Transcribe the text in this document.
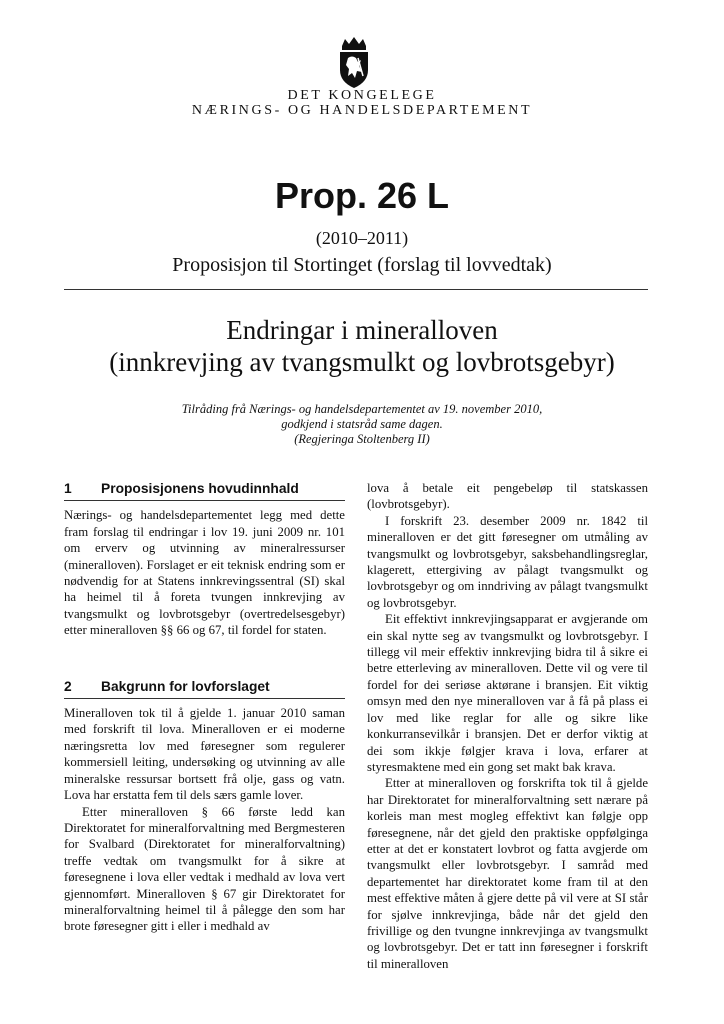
DET KONGELEGE
NÆRINGS- OG HANDELSDEPARTEMENT
Prop. 26 L
(2010–2011)
Proposisjon til Stortinget (forslag til lovvedtak)
Endringar i mineralloven
(innkrevjing av tvangsmulkt og lovbrotsgebyr)
Tilråding frå Nærings- og handelsdepartementet av 19. november 2010,
godkjend i statsråd same dagen.
(Regjeringa Stoltenberg II)
1	Proposisjonens hovudinnhald

Nærings- og handelsdepartementet legg med dette fram forslag til endringar i lov 19. juni 2009 nr. 101 om erverv og utvinning av mineralressurser (mineralloven). Forslaget er eit teknisk endring som er nødvendig for at Statens innkrevingssentral (SI) skal ha heimel til å foreta tvungen innkrevjing av tvangsmulkt og lovbrotsgebyr (overtredelsesgebyr) etter mineralloven §§ 66 og 67, til fordel for staten.

2	Bakgrunn for lovforslaget

Mineralloven tok til å gjelde 1. januar 2010 saman med forskrift til lova. Mineralloven er ei moderne næringsretta lov med føresegner som regulerer kommersiell leiting, undersøking og utvinning av alle mineralske ressursar bortsett frå olje, gass og vatn. Lova har erstatta fem til dels særs gamle lover.

Etter mineralloven § 66 første ledd kan Direktoratet for mineralforvaltning med Bergmesteren for Svalbard (Direktoratet for mineralforvaltning) treffe vedtak om tvangsmulkt for å sikre at føresegnene i lova eller vedtak i medhald av lova vert gjennomført. Mineralloven § 67 gir Direktoratet for mineralforvaltning heimel til å pålegge den som har brote føresegner gitt i eller i medhald av

lova å betale eit pengebeløp til statskassen (lovbrotsgebyr).

I forskrift 23. desember 2009 nr. 1842 til mineralloven er det gitt føresegner om utmåling av tvangsmulkt og lovbrotsgebyr, saksbehandlingsreglar, klagerett, ettergiving av pålagt tvangsmulkt og lovbrotsgebyr og om inndriving av pålagt tvangsmulkt og lovbrotsgebyr.

Eit effektivt innkrevjingsapparat er avgjerande om ein skal nytte seg av tvangsmulkt og lovbrotsgebyr. I tillegg vil meir effektiv innkrevjing bidra til å sikre ei betre etterleving av mineralloven. Dette vil og vere til fordel for dei seriøse aktørane i bransjen. Eit viktig omsyn med den nye mineralloven var å få på plass ei lov med like reglar for alle og sikre like konkurransevilkår i bransjen. Det er derfor viktig at dei som ikkje følgjer krava i lova, erfarer at styresmaktene med ein gong set makt bak krava.

Etter at mineralloven og forskrifta tok til å gjelde har Direktoratet for mineralforvaltning sett nærare på korleis man mest mogleg effektivt kan følgje opp føresegnene, når det gjeld den praktiske oppfølginga etter at det er konstatert lovbrot og fatta avgjerde om tvangsmulkt eller lovbrotsgebyr. I samråd med departementet har direktoratet kome fram til at den mest effektive måten å gjere dette på vil vere at SI står for sjølve innkrevjinga, både når det gjeld den frivillige og den tvungne innkrevjinga av tvangsmulkt og lovbrotsgebyr. Det er tatt inn føresegner i forskrift til mineralloven
